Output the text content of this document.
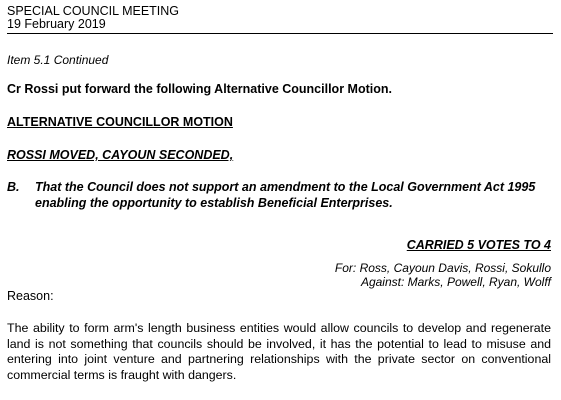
SPECIAL COUNCIL MEETING
19 February 2019
Item 5.1 Continued
Cr Rossi put forward the following Alternative Councillor Motion.
ALTERNATIVE COUNCILLOR MOTION
ROSSI MOVED, CAYOUN SECONDED,
B. That the Council does not support an amendment to the Local Government Act 1995 enabling the opportunity to establish Beneficial Enterprises.
CARRIED 5 VOTES TO 4
For: Ross, Cayoun Davis, Rossi, Sokullo
Against: Marks, Powell, Ryan, Wolff
Reason:
The ability to form arm's length business entities would allow councils to develop and regenerate land is not something that councils should be involved, it has the potential to lead to misuse and entering into joint venture and partnering relationships with the private sector on conventional commercial terms is fraught with dangers.
